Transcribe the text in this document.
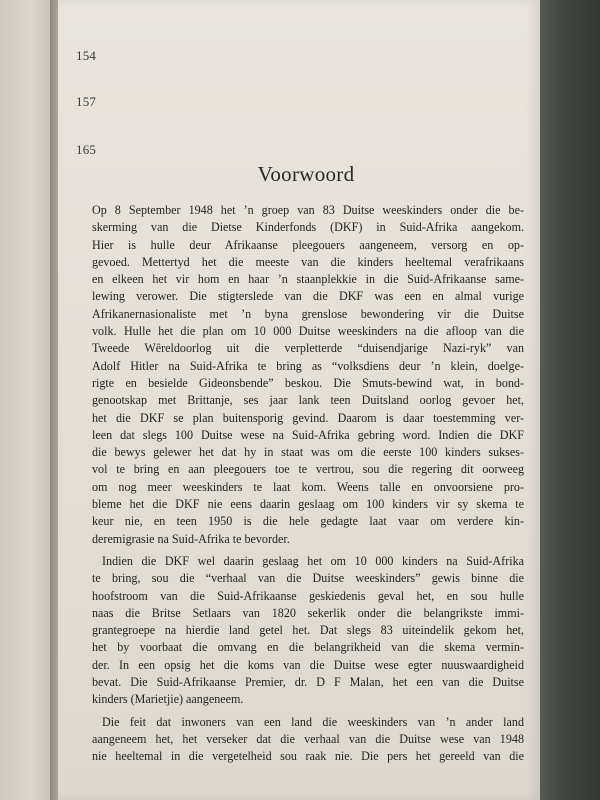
154
157
165
Voorwoord
Op 8 September 1948 het ’n groep van 83 Duitse weeskinders onder die be-
skerming van die Dietse Kinderfonds (DKF) in Suid-Afrika aangekom.
Hier is hulle deur Afrikaanse pleegouers aangeneem, versorg en op-
gevoed. Mettertyd het die meeste van die kinders heeltemal verafrikaans
en elkeen het vir hom en haar ’n staanplekkie in die Suid-Afrikaanse same-
lewing verower. Die stigterslede van die DKF was een en almal vurige
Afrikanernasionaliste met ’n byna grenslose bewondering vir die Duitse
volk. Hulle het die plan om 10 000 Duitse weeskinders na die afloop van die
Tweede Wêreldoorlog uit die verpletterde “duisendjarige Nazi-ryk” van
Adolf Hitler na Suid-Afrika te bring as “volksdiens deur ’n klein, doelge-
rigte en besielde Gideonsbende” beskou. Die Smuts-bewind wat, in bond-
genootskap met Brittanje, ses jaar lank teen Duitsland oorlog gevoer het,
het die DKF se plan buitensporig gevind. Daarom is daar toestemming ver-
leen dat slegs 100 Duitse wese na Suid-Afrika gebring word. Indien die DKF
die bewys gelewer het dat hy in staat was om die eerste 100 kinders sukses-
vol te bring en aan pleegouers toe te vertrou, sou die regering dit oorweeg
om nog meer weeskinders te laat kom. Weens talle en onvoorsiene pro-
bleme het die DKF nie eens daarin geslaag om 100 kinders vir sy skema te
keur nie, en teen 1950 is die hele gedagte laat vaar om verdere kin-
deremigrasie na Suid-Afrika te bevorder.
Indien die DKF wel daarin geslaag het om 10 000 kinders na Suid-Afrika
te bring, sou die “verhaal van die Duitse weeskinders” gewis binne die
hoofstroom van die Suid-Afrikaanse geskiedenis geval het, en sou hulle
naas die Britse Setlaars van 1820 sekerlik onder die belangrikste immi-
grantegroepe na hierdie land getel het. Dat slegs 83 uiteindelik gekom het,
het by voorbaat die omvang en die belangrikheid van die skema vermin-
der. In een opsig het die koms van die Duitse wese egter nuuswaardigheid
bevat. Die Suid-Afrikaanse Premier, dr. D F Malan, het een van die Duitse
kinders (Marietjie) aangeneem.
Die feit dat inwoners van een land die weeskinders van ’n ander land
aangeneem het, het verseker dat die verhaal van die Duitse wese van 1948
nie heeltemal in die vergetelheid sou raak nie. Die pers het gereeld van die
